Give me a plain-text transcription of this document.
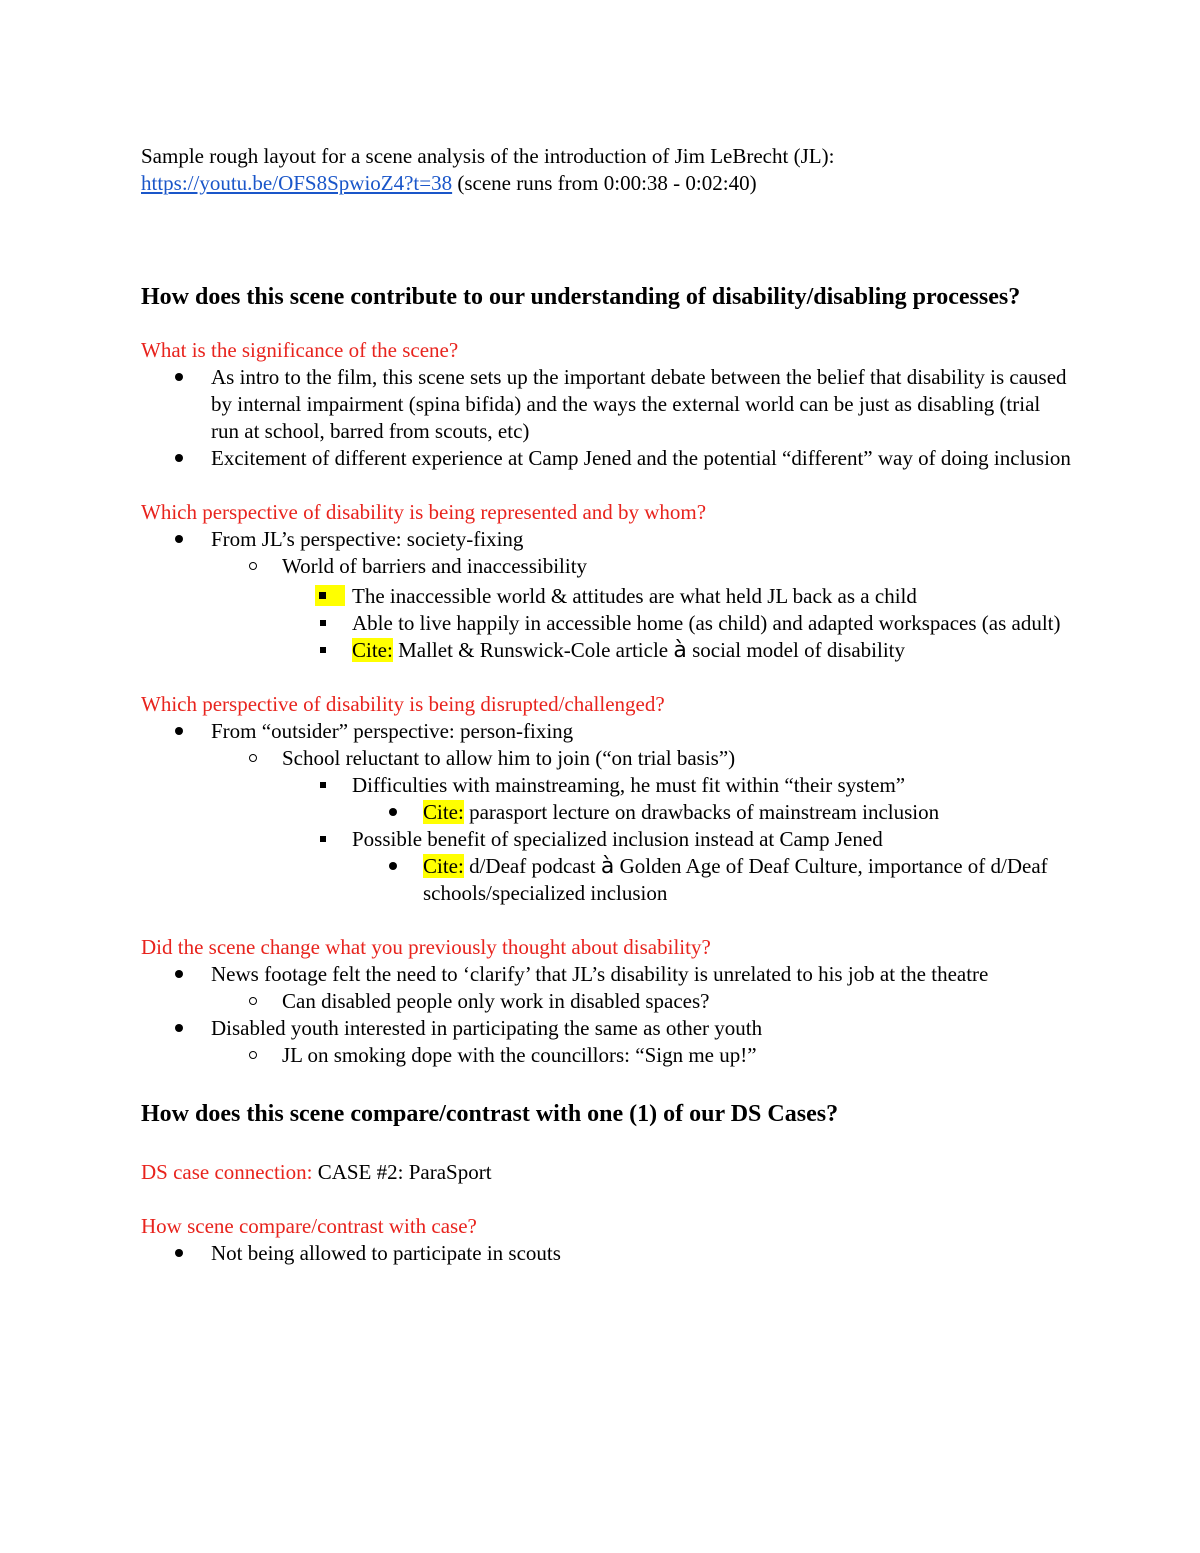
Sample rough layout for a scene analysis of the introduction of Jim LeBrecht (JL):
https://youtu.be/OFS8SpwioZ4?t=38 (scene runs from 0:00:38 - 0:02:40)

How does this scene contribute to our understanding of disability/disabling processes?

What is the significance of the scene?

As intro to the film, this scene sets up the important debate between the belief that disability is caused by internal impairment (spina bifida) and the ways the external world can be just as disabling (trial run at school, barred from scouts, etc)
Excitement of different experience at Camp Jened and the potential “different” way of doing inclusion

Which perspective of disability is being represented and by whom?

From JL’s perspective: society-fixing
World of barriers and inaccessibility
The inaccessible world & attitudes are what held JL back as a child
Able to live happily in accessible home (as child) and adapted workspaces (as adult)
Cite: Mallet & Runswick-Cole article à social model of disability

Which perspective of disability is being disrupted/challenged?

From “outsider” perspective: person-fixing
School reluctant to allow him to join (“on trial basis”)
Difficulties with mainstreaming, he must fit within “their system”
Cite: parasport lecture on drawbacks of mainstream inclusion
Possible benefit of specialized inclusion instead at Camp Jened
Cite: d/Deaf podcast à Golden Age of Deaf Culture, importance of d/Deaf schools/specialized inclusion

Did the scene change what you previously thought about disability?

News footage felt the need to ‘clarify’ that JL’s disability is unrelated to his job at the theatre
Can disabled people only work in disabled spaces?
Disabled youth interested in participating the same as other youth
JL on smoking dope with the councillors: “Sign me up!”
How does this scene compare/contrast with one (1) of our DS Cases?

DS case connection: CASE #2: ParaSport

How scene compare/contrast with case?

Not being allowed to participate in scouts
